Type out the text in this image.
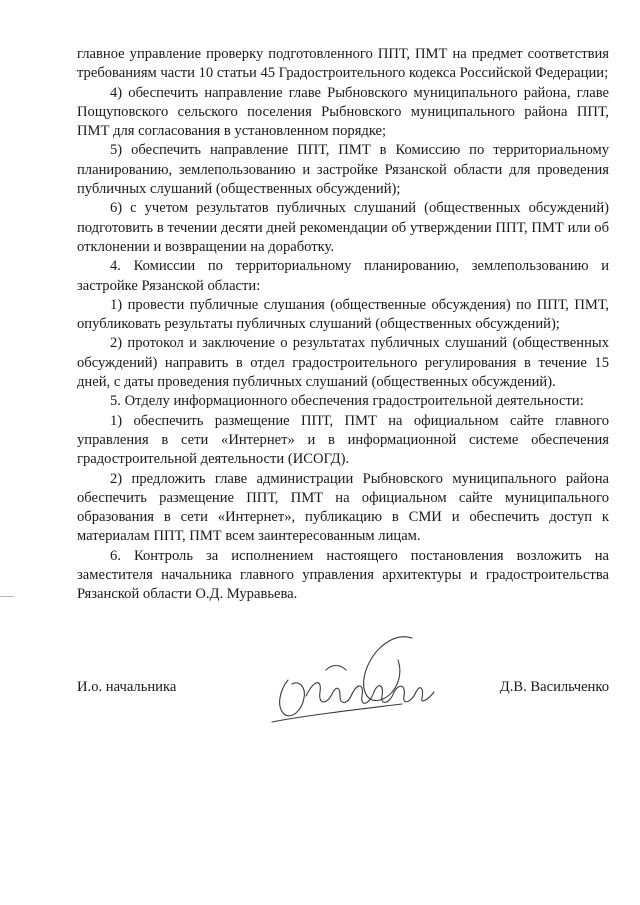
главное управление проверку подготовленного ППТ, ПМТ на предмет соответствия требованиям части 10 статьи 45 Градостроительного кодекса Российской Федерации;

4) обеспечить направление главе Рыбновского муниципального района, главе Пощуповского сельского поселения Рыбновского муниципального района ППТ, ПМТ для согласования в установленном порядке;

5) обеспечить направление ППТ, ПМТ в Комиссию по территориальному планированию, землепользованию и застройке Рязанской области для проведения публичных слушаний (общественных обсуждений);

6) с учетом результатов публичных слушаний (общественных обсуждений) подготовить в течении десяти дней рекомендации об утверждении ППТ, ПМТ или об отклонении и возвращении на доработку.

4. Комиссии по территориальному планированию, землепользованию и застройке Рязанской области:

1) провести публичные слушания (общественные обсуждения) по ППТ, ПМТ, опубликовать результаты публичных слушаний (общественных обсуждений);

2) протокол и заключение о результатах публичных слушаний (общественных обсуждений) направить в отдел градостроительного регулирования в течение 15 дней, с даты проведения публичных слушаний (общественных обсуждений).

5. Отделу информационного обеспечения градостроительной деятельности:

1) обеспечить размещение ППТ, ПМТ на официальном сайте главного управления в сети «Интернет» и в информационной системе обеспечения градостроительной деятельности (ИСОГД).

2) предложить главе администрации Рыбновского муниципального района обеспечить размещение ППТ, ПМТ на официальном сайте муниципального образования в сети «Интернет», публикацию в СМИ и обеспечить доступ к материалам ППТ, ПМТ всем заинтересованным лицам.

6. Контроль за исполнением настоящего постановления возложить на заместителя начальника главного управления архитектуры и градостроительства Рязанской области О.Д. Муравьева.

И.о. начальника	Д.В. Васильченко
